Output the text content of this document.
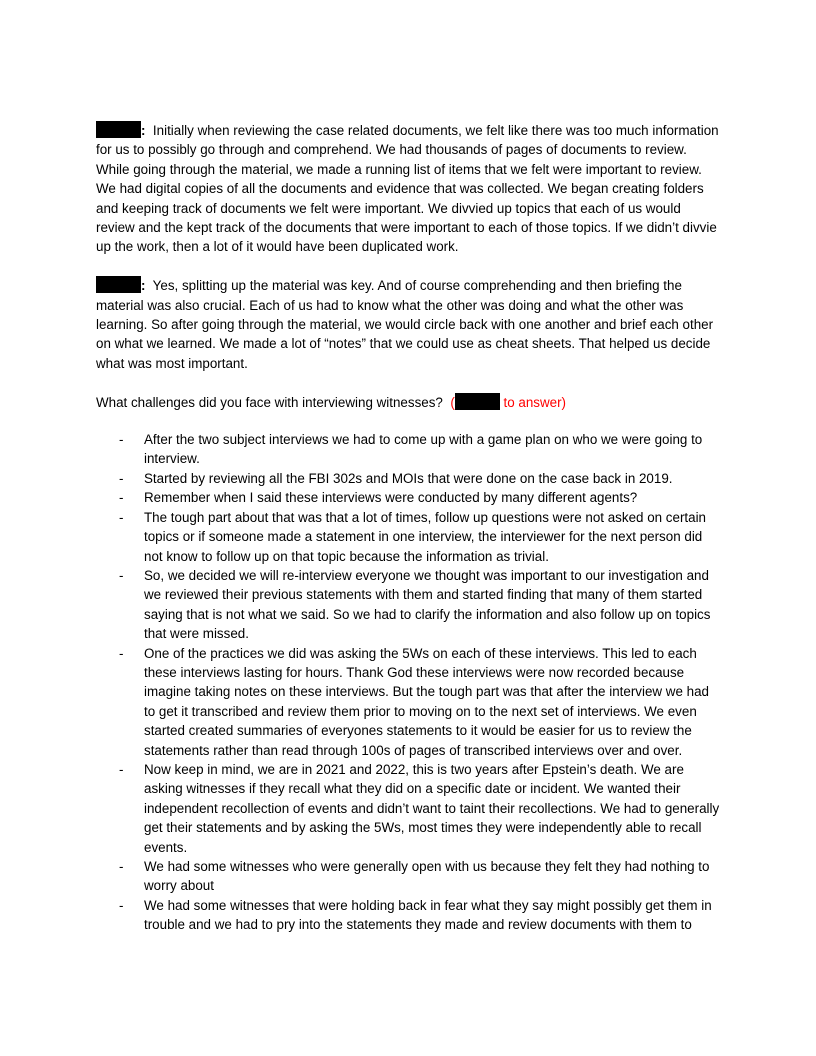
: Initially when reviewing the case related documents, we felt like there was too much information for us to possibly go through and comprehend. We had thousands of pages of documents to review. While going through the material, we made a running list of items that we felt were important to review. We had digital copies of all the documents and evidence that was collected. We began creating folders and keeping track of documents we felt were important. We divvied up topics that each of us would review and the kept track of the documents that were important to each of those topics. If we didn’t divvie up the work, then a lot of it would have been duplicated work.

: Yes, splitting up the material was key. And of course comprehending and then briefing the material was also crucial. Each of us had to know what the other was doing and what the other was learning. So after going through the material, we would circle back with one another and brief each other on what we learned. We made a lot of “notes” that we could use as cheat sheets. That helped us decide what was most important.

What challenges did you face with interviewing witnesses? (	to answer)

- After the two subject interviews we had to come up with a game plan on who we were going to interview.
- Started by reviewing all the FBI 302s and MOIs that were done on the case back in 2019.
- Remember when I said these interviews were conducted by many different agents?
- The tough part about that was that a lot of times, follow up questions were not asked on certain topics or if someone made a statement in one interview, the interviewer for the next person did not know to follow up on that topic because the information as trivial.
- So, we decided we will re-interview everyone we thought was important to our investigation and we reviewed their previous statements with them and started finding that many of them started saying that is not what we said. So we had to clarify the information and also follow up on topics that were missed.
- One of the practices we did was asking the 5Ws on each of these interviews. This led to each these interviews lasting for hours. Thank God these interviews were now recorded because imagine taking notes on these interviews. But the tough part was that after the interview we had to get it transcribed and review them prior to moving on to the next set of interviews. We even started created summaries of everyones statements to it would be easier for us to review the statements rather than read through 100s of pages of transcribed interviews over and over.
- Now keep in mind, we are in 2021 and 2022, this is two years after Epstein’s death. We are asking witnesses if they recall what they did on a specific date or incident. We wanted their independent recollection of events and didn’t want to taint their recollections. We had to generally get their statements and by asking the 5Ws, most times they were independently able to recall events.
- We had some witnesses who were generally open with us because they felt they had nothing to worry about
- We had some witnesses that were holding back in fear what they say might possibly get them in trouble and we had to pry into the statements they made and review documents with them to
